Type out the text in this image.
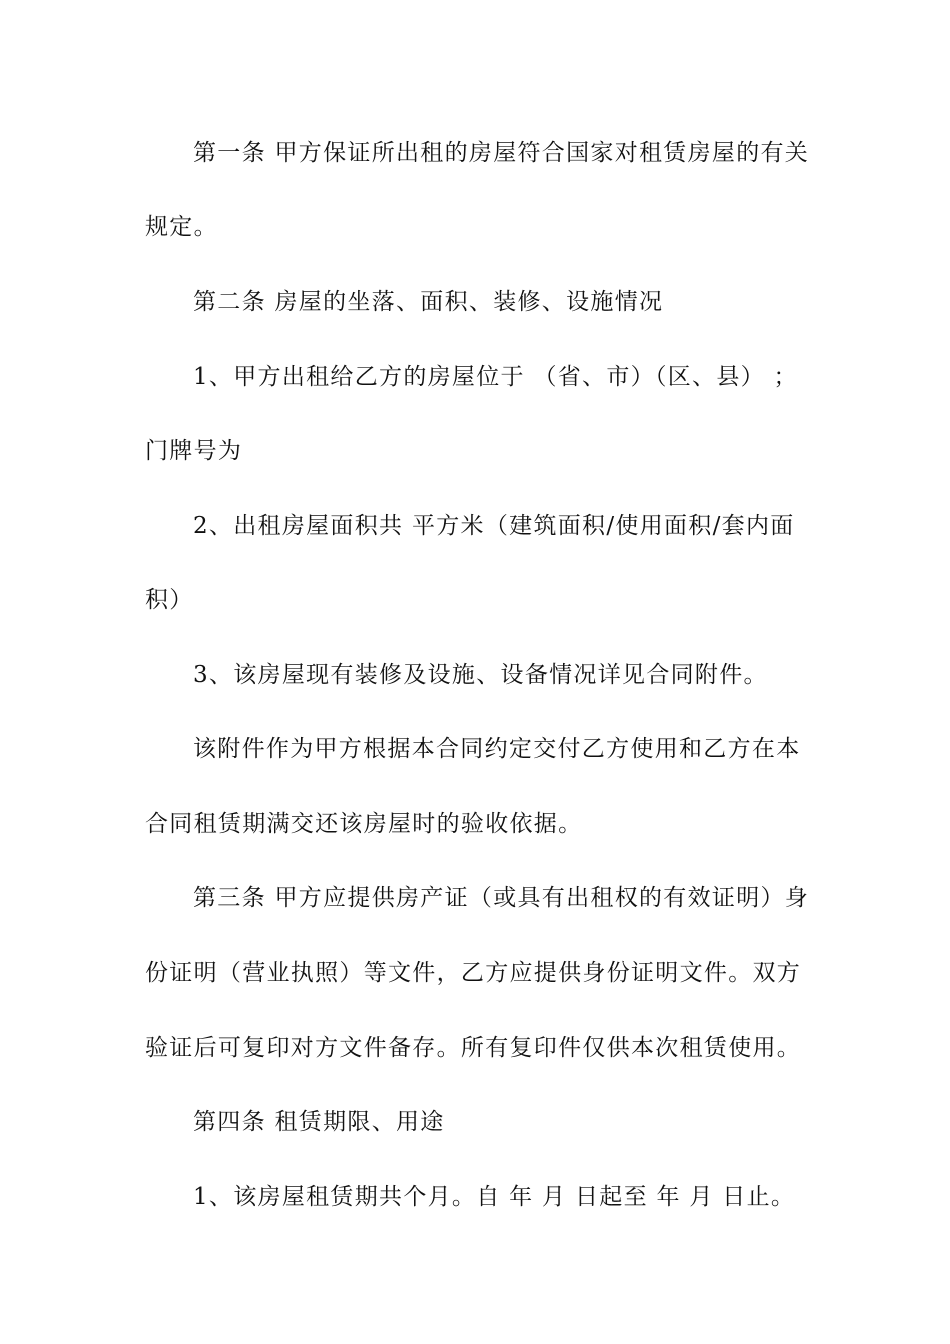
第一条 甲方保证所出租的房屋符合国家对租赁房屋的有关
规定。
第二条 房屋的坐落、面积、装修、设施情况
1、甲方出租给乙方的房屋位于 （省、市）（区、县） ；
门牌号为
2、出租房屋面积共 平方米（建筑面积/使用面积/套内面
积）
3、该房屋现有装修及设施、设备情况详见合同附件。
该附件作为甲方根据本合同约定交付乙方使用和乙方在本
合同租赁期满交还该房屋时的验收依据。
第三条 甲方应提供房产证（或具有出租权的有效证明）身
份证明（营业执照）等文件，乙方应提供身份证明文件。双方
验证后可复印对方文件备存。所有复印件仅供本次租赁使用。
第四条 租赁期限、用途
1、该房屋租赁期共个月。自 年 月 日起至 年 月 日止。
